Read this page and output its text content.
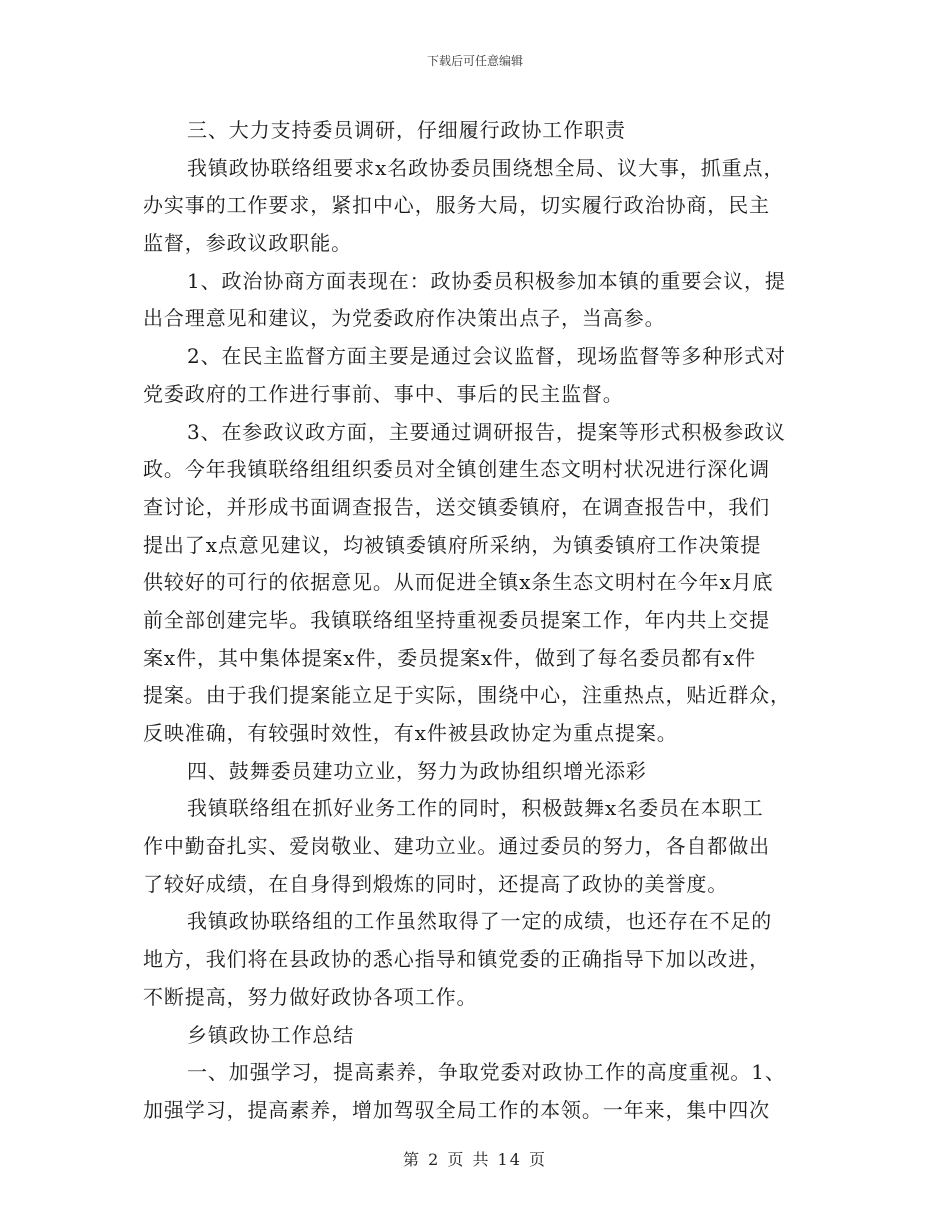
下载后可任意编辑
三、大力支持委员调研，仔细履行政协工作职责
我镇政协联络组要求x名政协委员围绕想全局、议大事，抓重点，
办实事的工作要求，紧扣中心，服务大局，切实履行政治协商，民主
监督，参政议政职能。
1、政治协商方面表现在：政协委员积极参加本镇的重要会议，提
出合理意见和建议，为党委政府作决策出点子，当高参。
2、在民主监督方面主要是通过会议监督，现场监督等多种形式对
党委政府的工作进行事前、事中、事后的民主监督。
3、在参政议政方面，主要通过调研报告，提案等形式积极参政议
政。今年我镇联络组组织委员对全镇创建生态文明村状况进行深化调
查讨论，并形成书面调查报告，送交镇委镇府，在调查报告中，我们
提出了x点意见建议，均被镇委镇府所采纳，为镇委镇府工作决策提
供较好的可行的依据意见。从而促进全镇x条生态文明村在今年x月底
前全部创建完毕。我镇联络组坚持重视委员提案工作，年内共上交提
案x件，其中集体提案x件，委员提案x件，做到了每名委员都有x件
提案。由于我们提案能立足于实际，围绕中心，注重热点，贴近群众，
反映准确，有较强时效性，有x件被县政协定为重点提案。
四、鼓舞委员建功立业，努力为政协组织增光添彩
我镇联络组在抓好业务工作的同时，积极鼓舞x名委员在本职工
作中勤奋扎实、爱岗敬业、建功立业。通过委员的努力，各自都做出
了较好成绩，在自身得到煅炼的同时，还提高了政协的美誉度。
我镇政协联络组的工作虽然取得了一定的成绩，也还存在不足的
地方，我们将在县政协的悉心指导和镇党委的正确指导下加以改进，
不断提高，努力做好政协各项工作。
乡镇政协工作总结
一、加强学习，提高素养，争取党委对政协工作的高度重视。1、
加强学习，提高素养，增加驾驭全局工作的本领。一年来，集中四次
第 2 页 共 14 页
